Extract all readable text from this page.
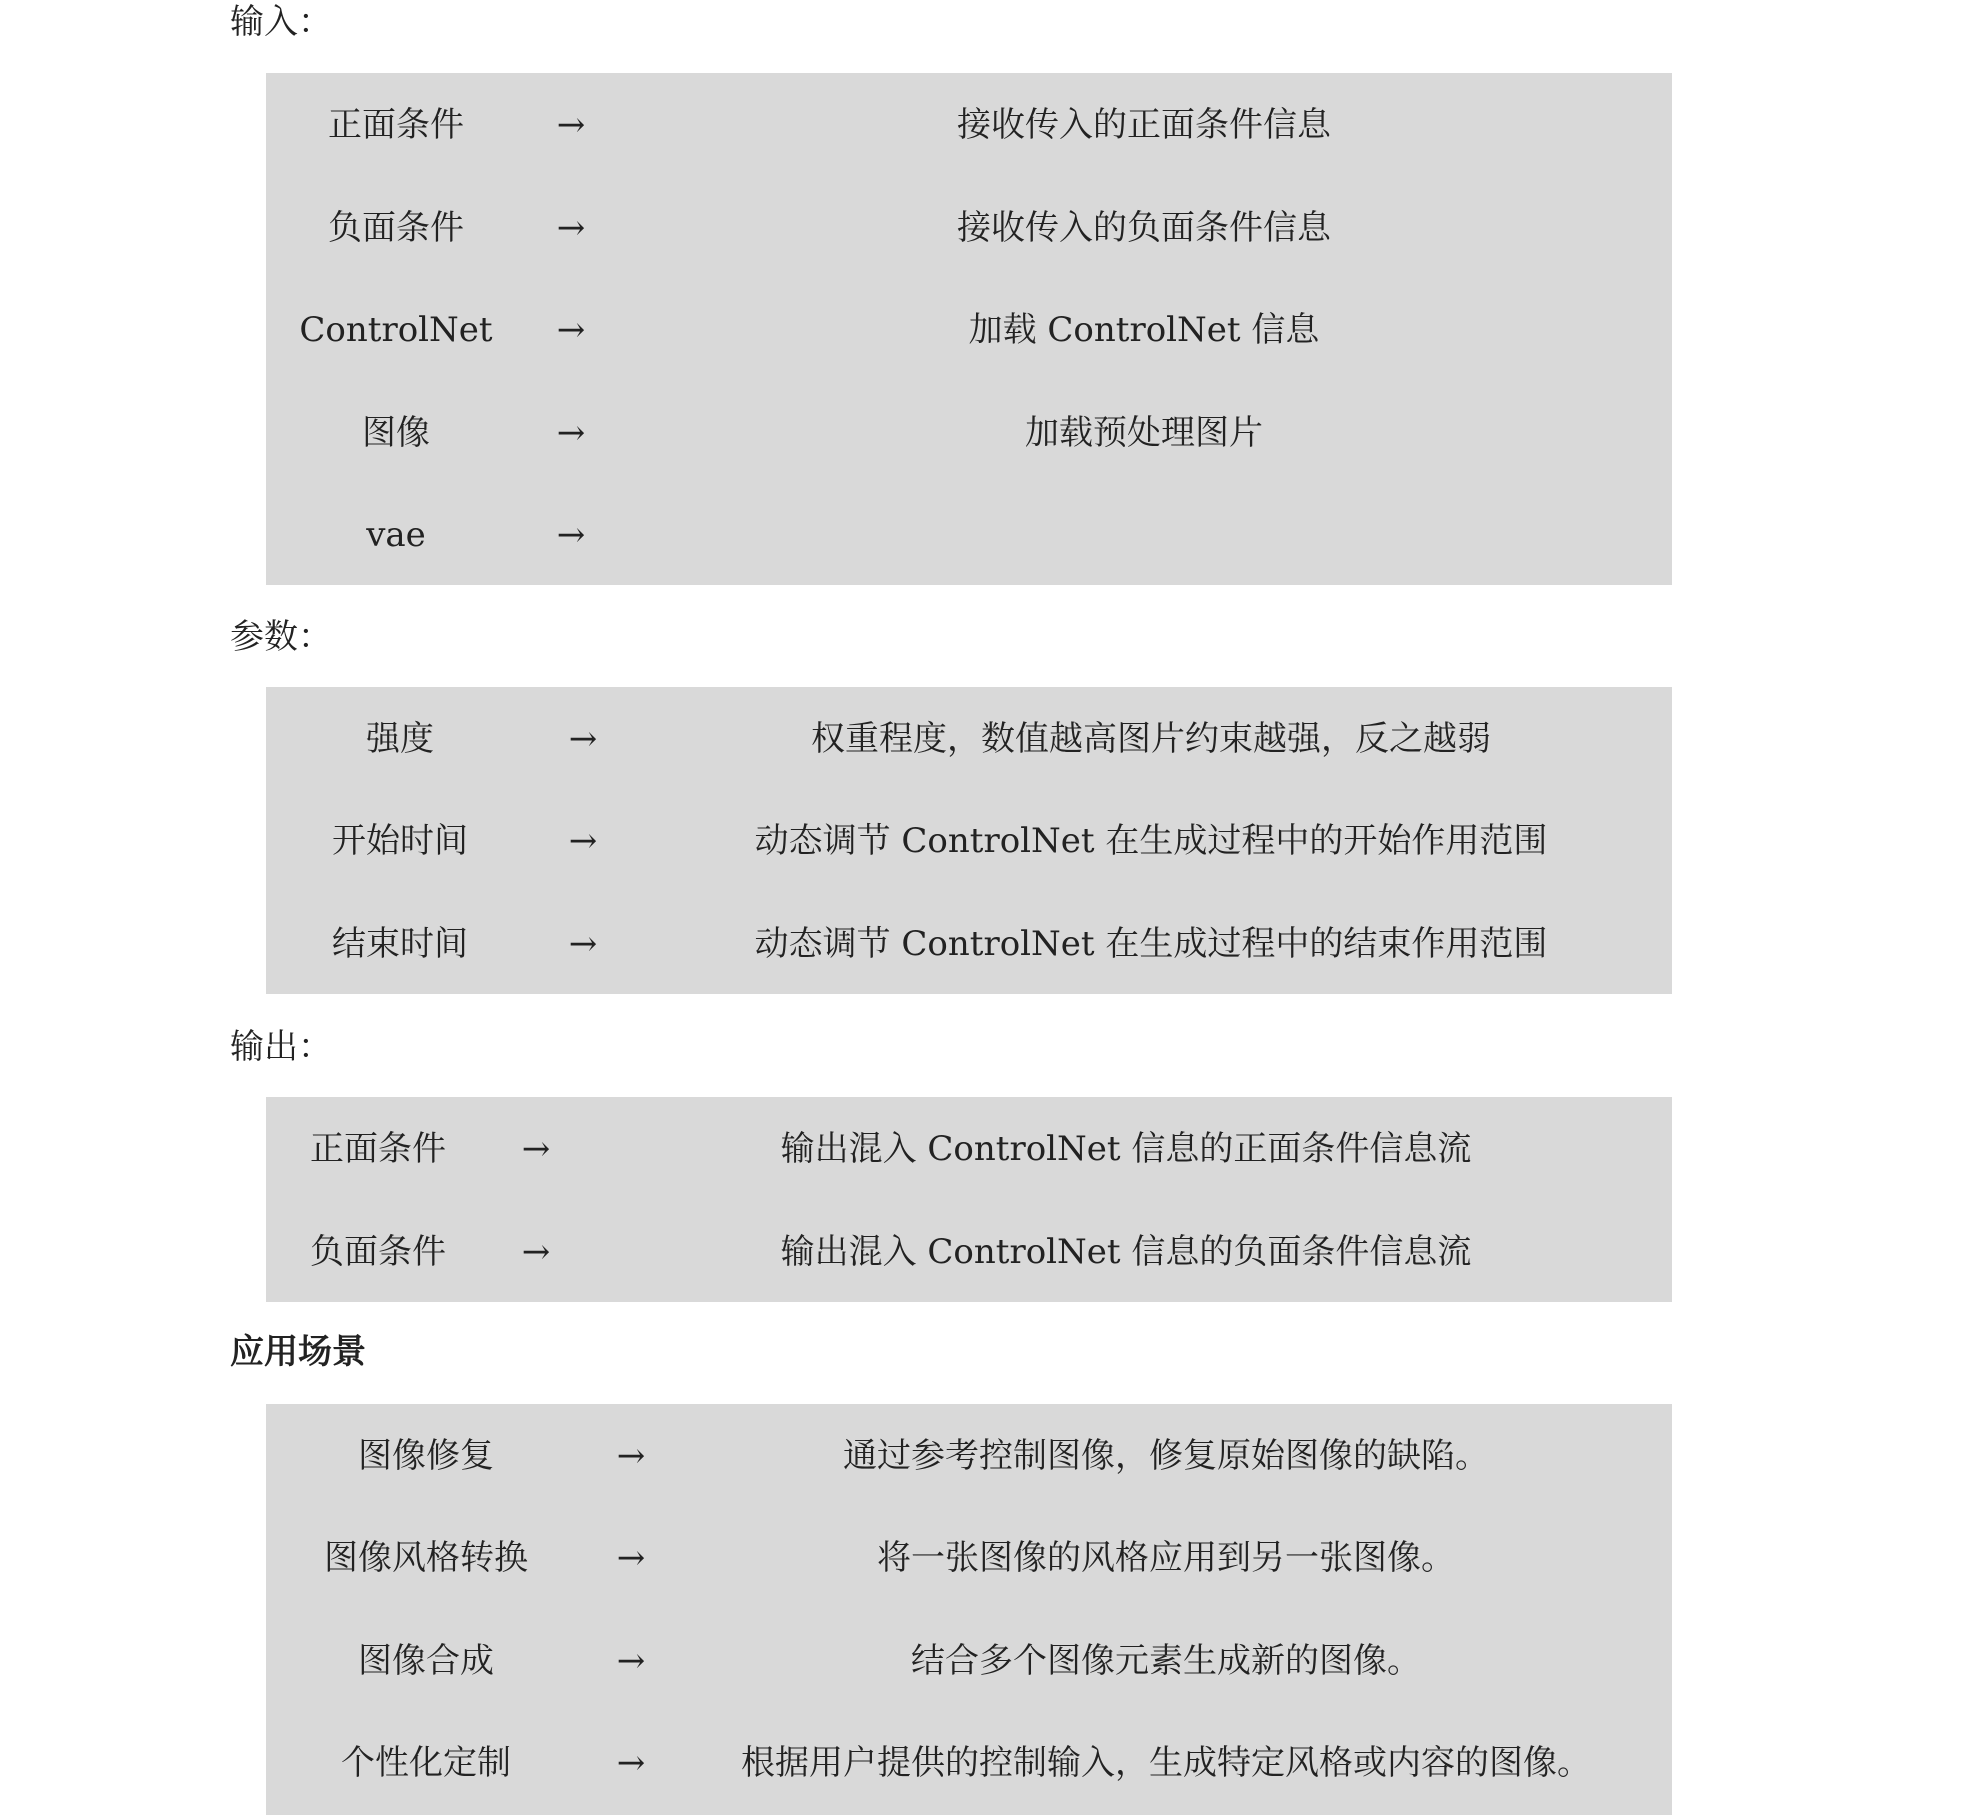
输入：
正面条件	→	接收传入的正面条件信息
负面条件	→	接收传入的负面条件信息
ControlNet →	加载 ControlNet 信息
图像	→	加载预处理图片
vae	→
参数：
强度	→	权重程度，数值越高图片约束越强，反之越弱
开始时间	→	动态调节 ControlNet 在生成过程中的开始作用范围
结束时间	→	动态调节 ControlNet 在生成过程中的结束作用范围
输出：
正面条件 →	输出混入 ControlNet 信息的正面条件信息流
负面条件 →	输出混入 ControlNet 信息的负面条件信息流
应用场景
图像修复	→	通过参考控制图像，修复原始图像的缺陷。
图像风格转换	→	将一张图像的风格应用到另一张图像。
图像合成	→	结合多个图像元素生成新的图像。
个性化定制	→	根据用户提供的控制输入，生成特定风格或内容的图像。
